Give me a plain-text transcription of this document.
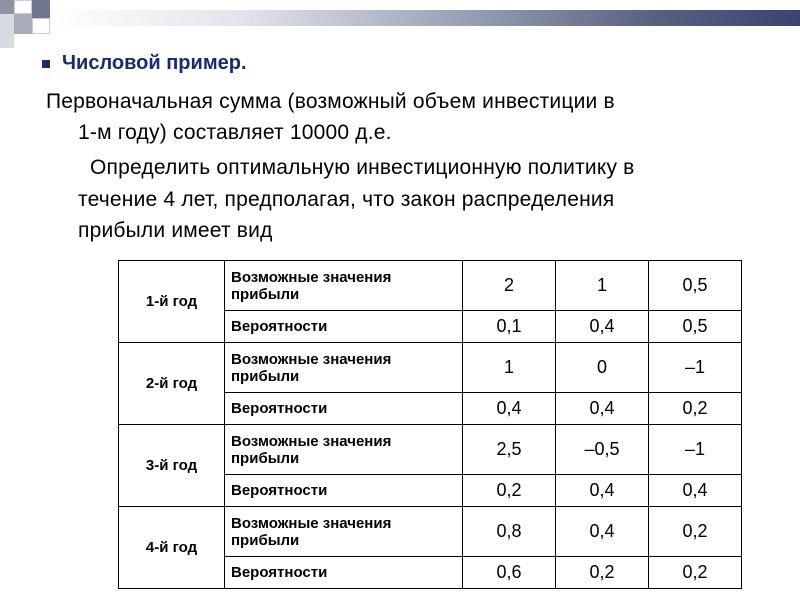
Числовой пример.
Первоначальная сумма (возможный объем инвестиции в
1-м году) составляет 10000 д.е.
Определить оптимальную инвестиционную политику в
течение 4 лет, предполагая, что закон распределения
прибыли имеет вид
1-й год	Возможные значения прибыли	2	1	0,5
	Вероятности	0,1	0,4	0,5
2-й год	Возможные значения прибыли	1	0	–1
	Вероятности	0,4	0,4	0,2
3-й год	Возможные значения прибыли	2,5	–0,5	–1
	Вероятности	0,2	0,4	0,4
4-й год	Возможные значения прибыли	0,8	0,4	0,2
	Вероятности	0,6	0,2	0,2
